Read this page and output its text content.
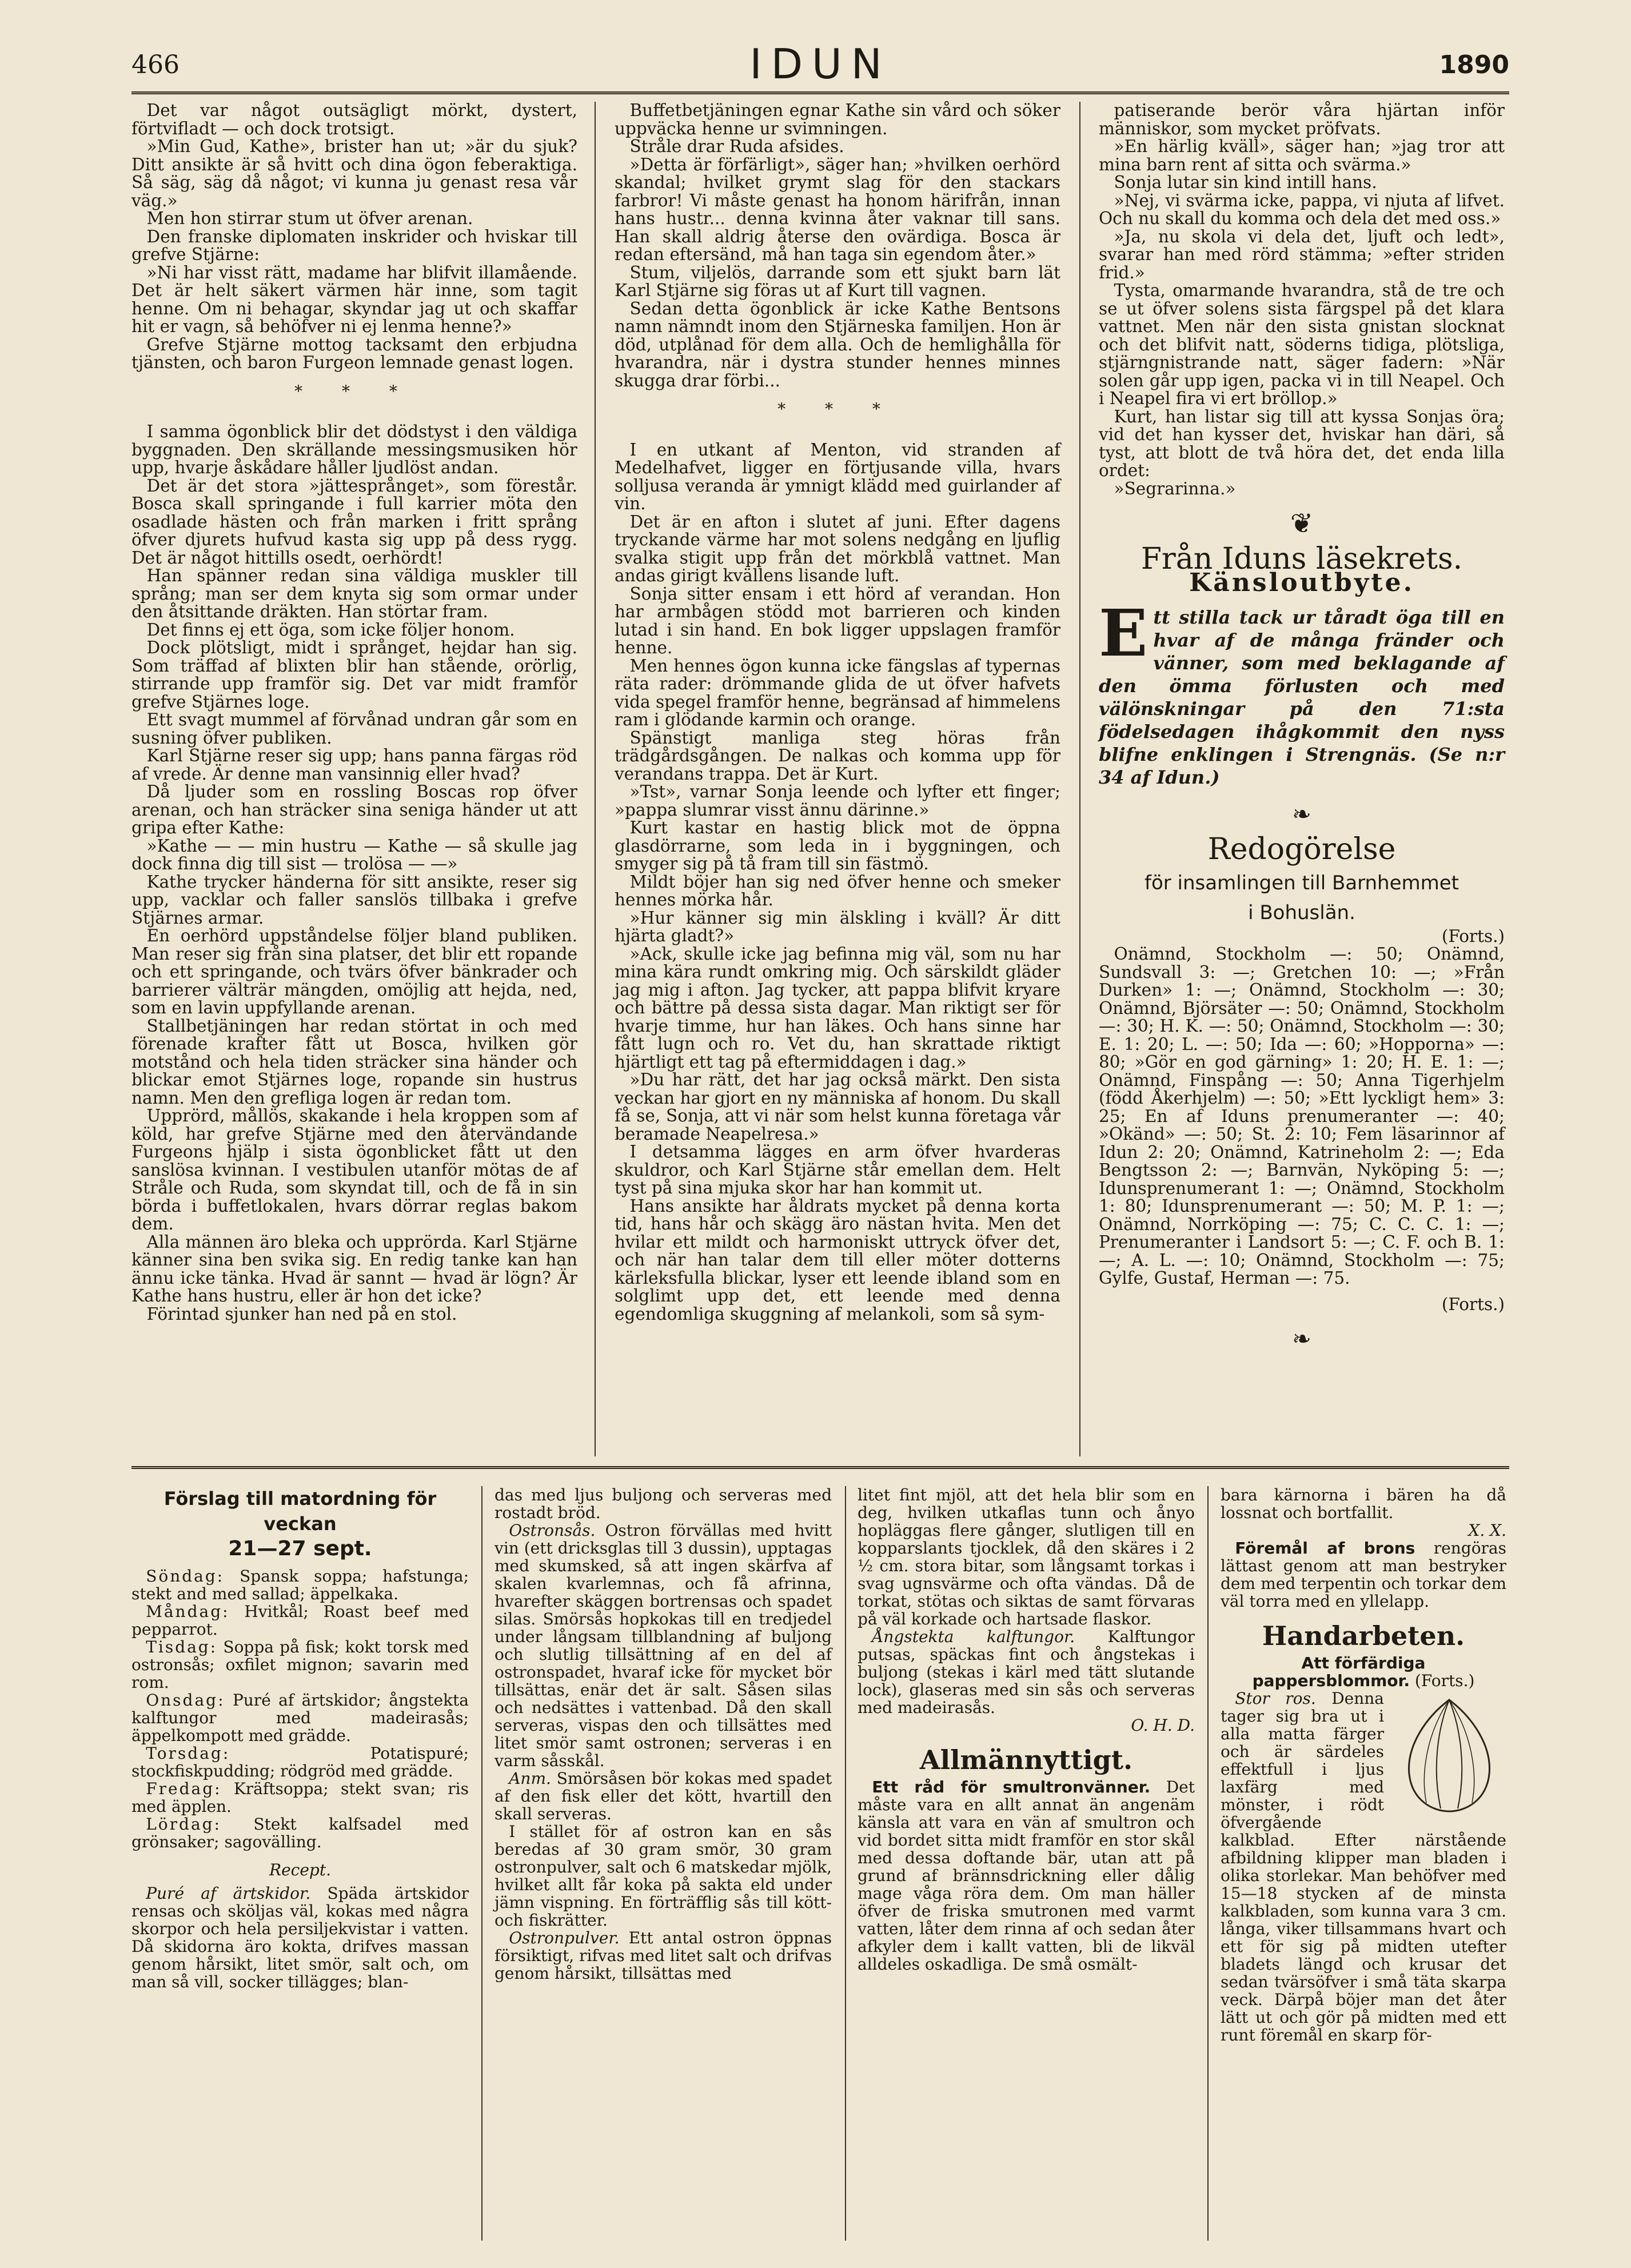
466	IDUN	1890

Det var något outsägligt mörkt, dystert, förtvifladt — och dock trotsigt.

»Min Gud, Kathe», brister han ut; »är du sjuk? Ditt ansikte är så hvitt och dina ögon feberaktiga. Så säg, säg då något; vi kunna ju genast resa vår väg.»

Men hon stirrar stum ut öfver arenan.

Den franske diplomaten inskrider och hviskar till grefve Stjärne:

»Ni har visst rätt, madame har blifvit illamående. Det är helt säkert värmen här inne, som tagit henne. Om ni behagar, skyndar jag ut och skaffar hit er vagn, så behöfver ni ej lenma henne?»

Grefve Stjärne mottog tacksamt den erbjudna tjänsten, och baron Furgeon lemnade genast logen.

* * *

I samma ögonblick blir det dödstyst i den väldiga byggnaden. Den skrällande messingsmusiken hör upp, hvarje åskådare håller ljudlöst andan.

Det är det stora »jättesprånget», som förestår. Bosca skall springande i full karrier möta den osadlade hästen och från marken i fritt språng öfver djurets hufvud kasta sig upp på dess rygg. Det är något hittills osedt, oerhördt!

Han spänner redan sina väldiga muskler till språng; man ser dem knyta sig som ormar under den åtsittande dräkten. Han störtar fram.

Det finns ej ett öga, som icke följer honom.

Dock plötsligt, midt i språnget, hejdar han sig. Som träffad af blixten blir han stående, orörlig, stirrande upp framför sig. Det var midt framför grefve Stjärnes loge.

Ett svagt mummel af förvånad undran går som en susning öfver publiken.

Karl Stjärne reser sig upp; hans panna färgas röd af vrede. Är denne man vansinnig eller hvad?

Då ljuder som en rossling Boscas rop öfver arenan, och han sträcker sina seniga händer ut att gripa efter Kathe:

»Kathe — — min hustru — Kathe — så skulle jag dock finna dig till sist — trolösa — —»

Kathe trycker händerna för sitt ansikte, reser sig upp, vacklar och faller sanslös tillbaka i grefve Stjärnes armar.

En oerhörd uppståndelse följer bland publiken. Man reser sig från sina platser, det blir ett ropande och ett springande, och tvärs öfver bänkrader och barrierer välträr mängden, omöjlig att hejda, ned, som en lavin uppfyllande arenan.

Stallbetjäningen har redan störtat in och med förenade krafter fått ut Bosca, hvilken gör motstånd och hela tiden sträcker sina händer och blickar emot Stjärnes loge, ropande sin hustrus namn. Men den grefliga logen är redan tom.

Upprörd, mållös, skakande i hela kroppen som af köld, har grefve Stjärne med den återvändande Furgeons hjälp i sista ögonblicket fått ut den sanslösa kvinnan. I vestibulen utanför mötas de af Stråle och Ruda, som skyndat till, och de få in sin börda i buffetlokalen, hvars dörrar reglas bakom dem.

Alla männen äro bleka och upprörda. Karl Stjärne känner sina ben svika sig. En redig tanke kan han ännu icke tänka. Hvad är sannt — hvad är lögn? Är Kathe hans hustru, eller är hon det icke?

Förintad sjunker han ned på en stol.

Buffetbetjäningen egnar Kathe sin vård och söker uppväcka henne ur svimningen.

Stråle drar Ruda afsides.

»Detta är förfärligt», säger han; »hvilken oerhörd skandal; hvilket grymt slag för den stackars farbror! Vi måste genast ha honom härifrån, innan hans hustr... denna kvinna åter vaknar till sans. Han skall aldrig återse den ovärdiga. Bosca är redan eftersänd, må han taga sin egendom åter.»

Stum, viljelös, darrande som ett sjukt barn lät Karl Stjärne sig föras ut af Kurt till vagnen.

Sedan detta ögonblick är icke Kathe Bentsons namn nämndt inom den Stjärneska familjen. Hon är död, utplånad för dem alla. Och de hemlighålla för hvarandra, när i dystra stunder hennes minnes skugga drar förbi...

* * *

I en utkant af Menton, vid stranden af Medelhafvet, ligger en förtjusande villa, hvars solljusa veranda är ymnigt klädd med guirlander af vin.

Det är en afton i slutet af juni. Efter dagens tryckande värme har mot solens nedgång en ljuflig svalka stigit upp från det mörkblå vattnet. Man andas girigt kvällens lisande luft.

Sonja sitter ensam i ett hörd af verandan. Hon har armbågen stödd mot barrieren och kinden lutad i sin hand. En bok ligger uppslagen framför henne.

Men hennes ögon kunna icke fängslas af typernas räta rader: drömmande glida de ut öfver hafvets vida spegel framför henne, begränsad af himmelens ram i glödande karmin och orange.

Spänstigt manliga steg höras från trädgårdsgången. De nalkas och komma upp för verandans trappa. Det är Kurt.

»Tst», varnar Sonja leende och lyfter ett finger; »pappa slumrar visst ännu därinne.»

Kurt kastar en hastig blick mot de öppna glasdörrarne, som leda in i byggningen, och smyger sig på tå fram till sin fästmö.

Mildt böjer han sig ned öfver henne och smeker hennes mörka hår.

»Hur känner sig min älskling i kväll? Är ditt hjärta gladt?»

»Ack, skulle icke jag befinna mig väl, som nu har mina kära rundt omkring mig. Och särskildt gläder jag mig i afton. Jag tycker, att pappa blifvit kryare och bättre på dessa sista dagar. Man riktigt ser för hvarje timme, hur han läkes. Och hans sinne har fått lugn och ro. Vet du, han skrattade riktigt hjärtligt ett tag på eftermiddagen i dag.»

»Du har rätt, det har jag också märkt. Den sista veckan har gjort en ny människa af honom. Du skall få se, Sonja, att vi när som helst kunna företaga vår beramade Neapelresa.»

I detsamma lägges en arm öfver hvarderas skuldror, och Karl Stjärne står emellan dem. Helt tyst på sina mjuka skor har han kommit ut.

Hans ansikte har åldrats mycket på denna korta tid, hans hår och skägg äro nästan hvita. Men det hvilar ett mildt och harmoniskt uttryck öfver det, och när han talar dem till eller möter dotterns kärleksfulla blickar, lyser ett leende ibland som en solglimt upp det, ett leende med denna egendomliga skuggning af melankoli, som så sym-

patiserande berör våra hjärtan inför människor, som mycket pröfvats.

»En härlig kväll», säger han; »jag tror att mina barn rent af sitta och svärma.»

Sonja lutar sin kind intill hans.

»Nej, vi svärma icke, pappa, vi njuta af lifvet. Och nu skall du komma och dela det med oss.»

»Ja, nu skola vi dela det, ljuft och ledt», svarar han med rörd stämma; »efter striden frid.»

Tysta, omarmande hvarandra, stå de tre och se ut öfver solens sista färgspel på det klara vattnet. Men när den sista gnistan slocknat och det blifvit natt, söderns tidiga, plötsliga, stjärngnistrande natt, säger fadern: »När solen går upp igen, packa vi in till Neapel. Och i Neapel fira vi ert bröllop.»

Kurt, han listar sig till att kyssa Sonjas öra; vid det han kysser det, hviskar han däri, så tyst, att blott de två höra det, det enda lilla ordet:

»Segrarinna.»

❦
Från Iduns läsekrets.
Känsloutbyte.
Ett stilla tack ur tåradt öga till en hvar af de många fränder och vänner, som med beklagande af den ömma förlusten och med välönskningar på den 71:sta födelsedagen ihågkommit den nyss blifne enklingen i Strengnäs. (Se n:r 34 af Idun.)
❧
Redogörelse
för insamlingen till Barnhemmet
i Bohuslän.
(Forts.)

Onämnd, Stockholm —: 50; Onämnd, Sundsvall 3: —; Gretchen 10: —; »Från Durken» 1: —; Onämnd, Stockholm —: 30; Onämnd, Björsäter —: 50; Onämnd, Stockholm —: 30; H. K. —: 50; Onämnd, Stockholm —: 30; E. 1: 20; L. —: 50; Ida —: 60; »Hopporna» —: 80; »Gör en god gärning» 1: 20; H. E. 1: —; Onämnd, Finspång —: 50; Anna Tigerhjelm (född Åkerhjelm) —: 50; »Ett lyckligt hem» 3: 25; En af Iduns prenumeranter —: 40; »Okänd» —: 50; St. 2: 10; Fem läsarinnor af Idun 2: 20; Onämnd, Katrineholm 2: —; Eda Bengtsson 2: —; Barnvän, Nyköping 5: —; Idunsprenumerant 1: —; Onämnd, Stockholm 1: 80; Idunsprenumerant —: 50; M. P. 1: —; Onämnd, Norrköping —: 75; C. C. C. 1: —; Prenumeranter i Landsort 5: —; C. F. och B. 1: —; A. L. —: 10; Onämnd, Stockholm —: 75; Gylfe, Gustaf, Herman —: 75.

(Forts.)
❧
Förslag till matordning för veckan
21—27 sept.

Söndag: Spansk soppa; hafstunga; stekt and med sallad; äppelkaka.

Måndag: Hvitkål; Roast beef med pepparrot.

Tisdag: Soppa på fisk; kokt torsk med ostronsås; oxfilet mignon; savarin med rom.

Onsdag: Puré af ärtskidor; ångstekta kalftungor med madeirasås; äppelkompott med grädde.

Torsdag:	Potatispuré; stockfiskpudding; rödgröd med grädde.

Fredag: Kräftsoppa; stekt svan; ris med äpplen.

Lördag: Stekt kalfsadel med grönsaker; sagovälling.

Recept.

Puré af ärtskidor. Späda ärtskidor rensas och sköljas väl, kokas med några skorpor och hela persiljekvistar i vatten. Då skidorna äro kokta, drifves massan genom hårsikt, litet smör, salt och, om man så vill, socker tillägges; blan-

das med ljus buljong och serveras med rostadt bröd.

Ostronsås. Ostron förvällas med hvitt vin (ett dricksglas till 3 dussin), upptagas med skumsked, så att ingen skärfva af skalen kvarlemnas, och få afrinna, hvarefter skäggen bortrensas och spadet silas. Smörsås hopkokas till en tredjedel under långsam tillblandning af buljong och slutlig tillsättning af en del af ostronspadet, hvaraf icke för mycket bör tillsättas, enär det är salt. Såsen silas och nedsättes i vattenbad. Då den skall serveras, vispas den och tillsättes med litet smör samt ostronen; serveras i en varm såsskål.

Anm. Smörsåsen bör kokas med spadet af den fisk eller det kött, hvartill den skall serveras.

I stället för af ostron kan en sås beredas af 30 gram smör, 30 gram ostronpulver, salt och 6 matskedar mjölk, hvilket allt får koka på sakta eld under jämn vispning. En förträfflig sås till kött- och fiskrätter.

Ostronpulver. Ett antal ostron öppnas försiktigt, rifvas med litet salt och drifvas genom hårsikt, tillsättas med

litet fint mjöl, att det hela blir som en deg, hvilken utkaflas tunn och ånyo hopläggas flere gånger, slutligen till en kopparslants tjocklek, då den skäres i 2 ½ cm. stora bitar, som långsamt torkas i svag ugnsvärme och ofta vändas. Då de torkat, stötas och siktas de samt förvaras på väl korkade och hartsade flaskor.

Ångstekta kalftungor. Kalftungor putsas, späckas fint och ångstekas i buljong (stekas i kärl med tätt slutande lock), glaseras med sin sås och serveras med madeirasås.

O. H. D.
Allmännyttigt.

Ett råd för smultronvänner. Det måste vara en allt annat än angenäm känsla att vara en vän af smultron och vid bordet sitta midt framför en stor skål med dessa doftande bär, utan att på grund af brännsdrickning eller dålig mage våga röra dem. Om man häller öfver de friska smutronen med varmt vatten, låter dem rinna af och sedan åter afkyler dem i kallt vatten, bli de likväl alldeles oskadliga. De små osmält-

bara kärnorna i bären ha då lossnat och bortfallit.

X. X.

Föremål af brons rengöras lättast genom att man bestryker dem med terpentin och torkar dem väl torra med en yllelapp.

Handarbeten.

Att förfärdiga pappersblommor. (Forts.)

Stor ros. Denna tager sig bra ut i alla matta färger och är särdeles effektfull i ljus laxfärg med mönster, i rödt öfvergående kalkblad. Efter närstående afbildning klipper man bladen i olika storlekar. Man behöfver med 15—18 stycken af de minsta kalkbladen, som kunna vara 3 cm. långa, viker tillsammans hvart och ett för sig på midten utefter bladets längd och krusar det sedan tvärsöfver i små täta skarpa veck. Därpå böjer man det åter lätt ut och gör på midten med ett runt föremål en skarp för-
